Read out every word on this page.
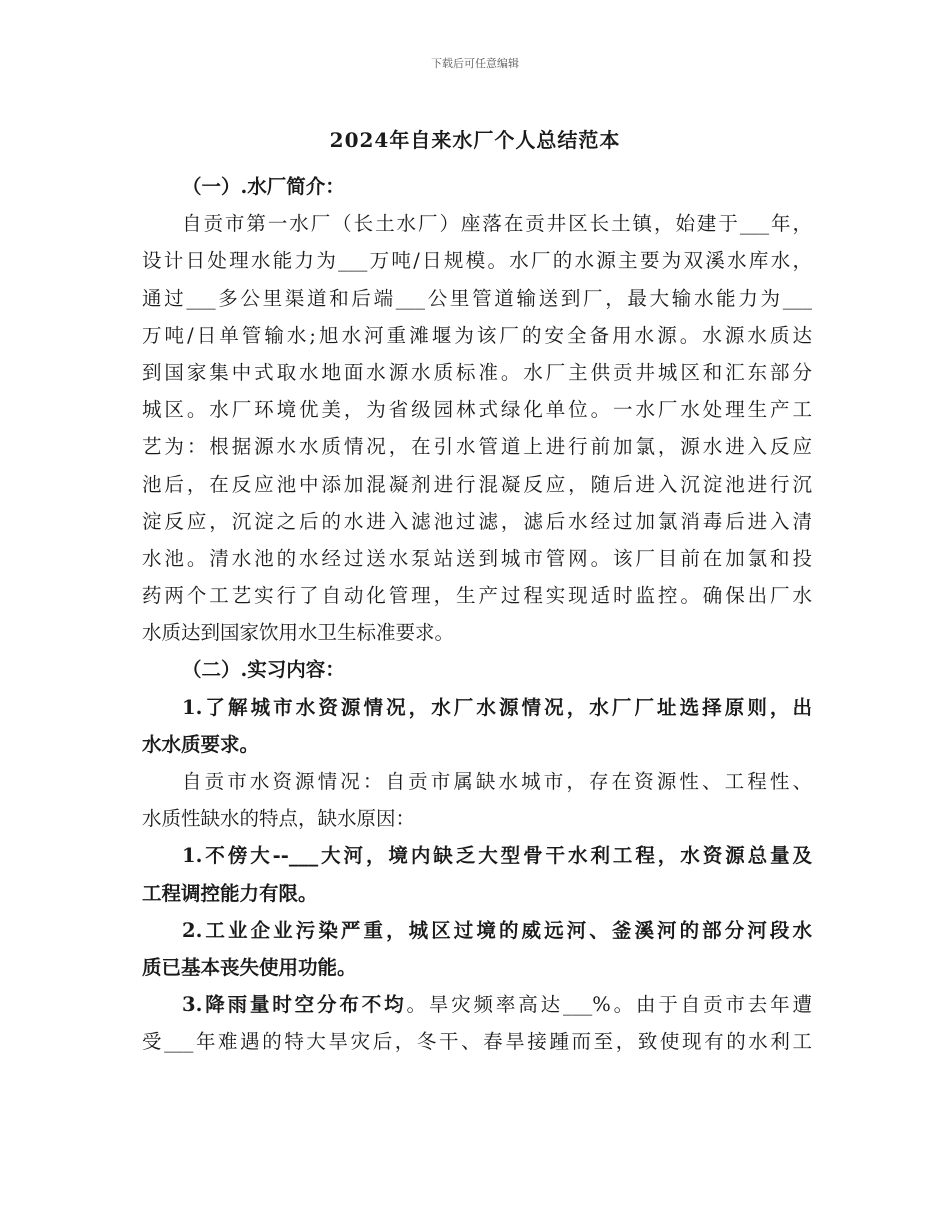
下载后可任意编辑
2024年自来水厂个人总结范本
（一）.水厂简介：
自贡市第一水厂（长土水厂）座落在贡井区长土镇，始建于___年，
设计日处理水能力为___万吨/日规模。水厂的水源主要为双溪水库水，
通过___多公里渠道和后端___公里管道输送到厂，最大输水能力为___
万吨/日单管输水;旭水河重滩堰为该厂的安全备用水源。水源水质达
到国家集中式取水地面水源水质标准。水厂主供贡井城区和汇东部分
城区。水厂环境优美，为省级园林式绿化单位。一水厂水处理生产工
艺为：根据源水水质情况，在引水管道上进行前加氯，源水进入反应
池后，在反应池中添加混凝剂进行混凝反应，随后进入沉淀池进行沉
淀反应，沉淀之后的水进入滤池过滤，滤后水经过加氯消毒后进入清
水池。清水池的水经过送水泵站送到城市管网。该厂目前在加氯和投
药两个工艺实行了自动化管理，生产过程实现适时监控。确保出厂水
水质达到国家饮用水卫生标准要求。
（二）.实习内容：
1.了解城市水资源情况，水厂水源情况，水厂厂址选择原则，出
水水质要求。
自贡市水资源情况：自贡市属缺水城市，存在资源性、工程性、
水质性缺水的特点，缺水原因：
1.不傍大--___大河，境内缺乏大型骨干水利工程，水资源总量及
工程调控能力有限。
2.工业企业污染严重，城区过境的威远河、釜溪河的部分河段水
质已基本丧失使用功能。
3.降雨量时空分布不均。旱灾频率高达___%。由于自贡市去年遭
受___年难遇的特大旱灾后，冬干、春旱接踵而至，致使现有的水利工
